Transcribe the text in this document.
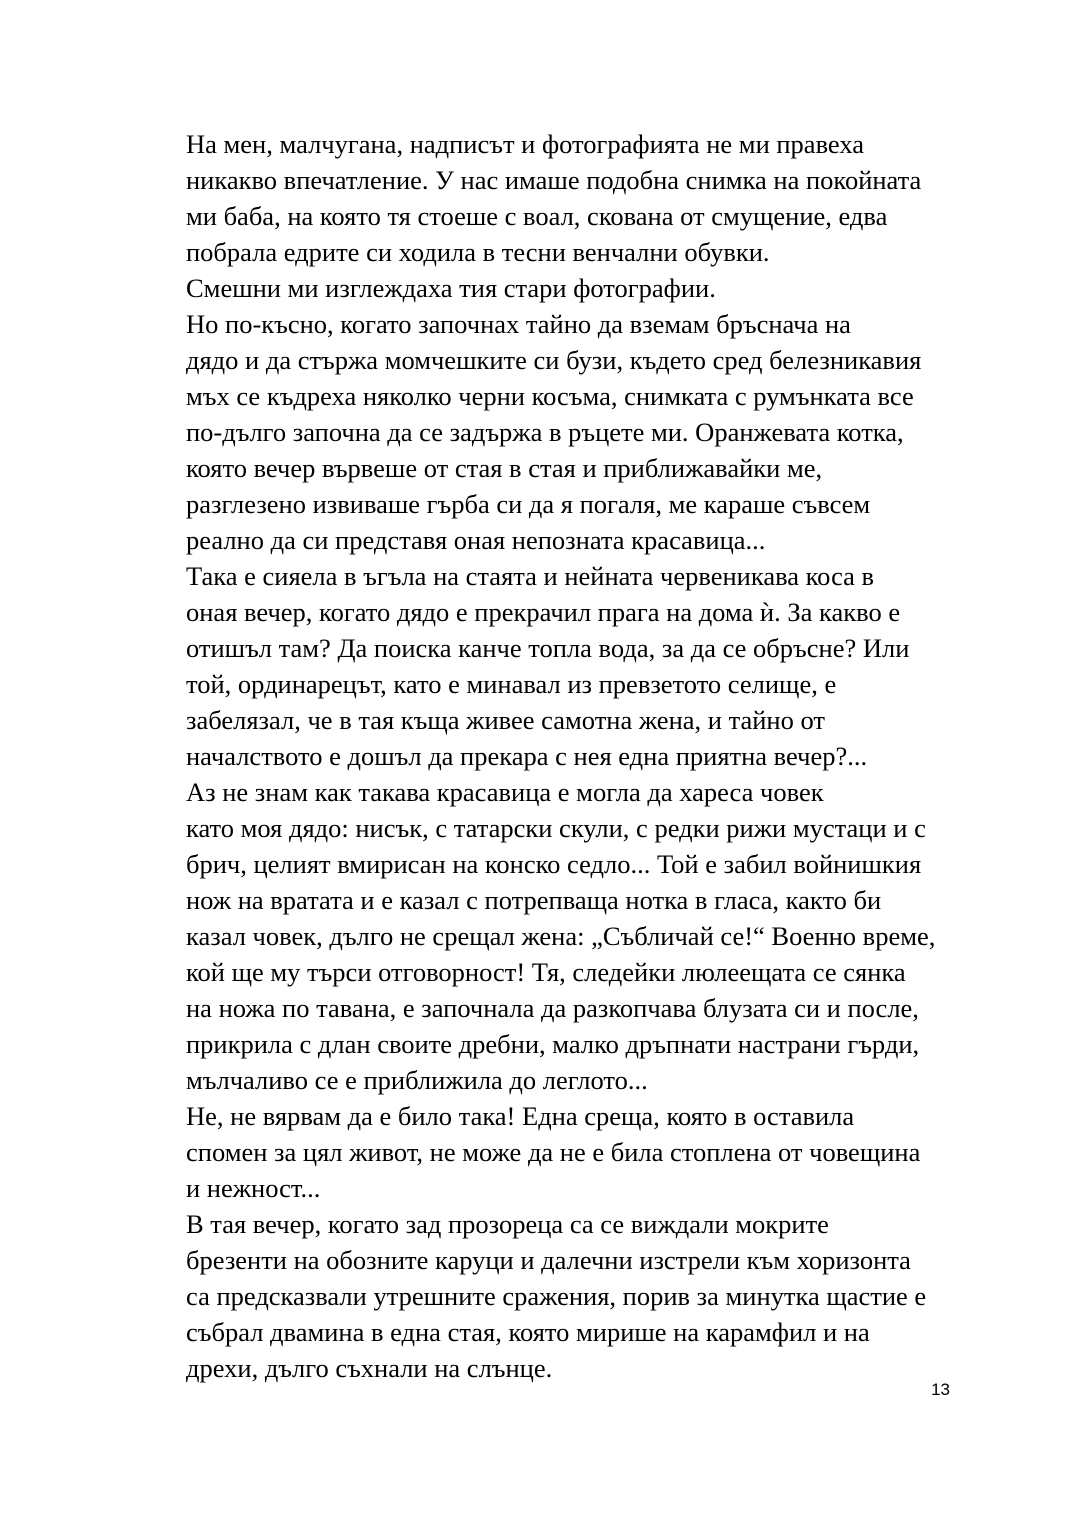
На мен, малчугана, надписът и фотографията не ми правеха
никакво впечатление. У нас имаше подобна снимка на покойната
ми баба, на която тя стоеше с воал, скована от смущение, едва
побрала едрите си ходила в тесни венчални обувки.

Смешни ми изглеждаха тия стари фотографии.

Но по-късно, когато започнах тайно да вземам бръснача на
дядо и да стържа момчешките си бузи, където сред белезникавия
мъх се къдреха няколко черни косъма, снимката с румънката все
по-дълго започна да се задържа в ръцете ми. Оранжевата котка,
която вечер вървеше от стая в стая и приближавайки ме,
разглезено извиваше гърба си да я погаля, ме караше съвсем
реално да си представя оная непозната красавица...

Така е сияела в ъгъла на стаята и нейната червеникава коса в
оная вечер, когато дядо е прекрачил прага на дома ѝ. За какво е
отишъл там? Да поиска канче топла вода, за да се обръсне? Или
той, ординарецът, като е минавал из превзетото селище, е
забелязал, че в тая къща живее самотна жена, и тайно от
началството е дошъл да прекара с нея една приятна вечер?...

Аз не знам как такава красавица е могла да хареса човек
като моя дядо: нисък, с татарски скули, с редки рижи мустаци и с
брич, целият вмирисан на конско седло... Той е забил войнишкия
нож на вратата и е казал с потрепваща нотка в гласа, както би
казал човек, дълго не срещал жена: „Събличай се!“ Военно време,
кой ще му търси отговорност! Тя, следейки люлеещата се сянка
на ножа по тавана, е започнала да разкопчава блузата си и после,
прикрила с длан своите дребни, малко дръпнати настрани гърди,
мълчаливо се е приближила до леглото...

Не, не вярвам да е било така! Една среща, която в оставила
спомен за цял живот, не може да не е била стоплена от човещина
и нежност...

В тая вечер, когато зад прозореца са се виждали мокрите
брезенти на обозните каруци и далечни изстрели към хоризонта
са предсказвали утрешните сражения, порив за минутка щастие е
събрал двамина в една стая, която мирише на карамфил и на
дрехи, дълго съхнали на слънце.

13
